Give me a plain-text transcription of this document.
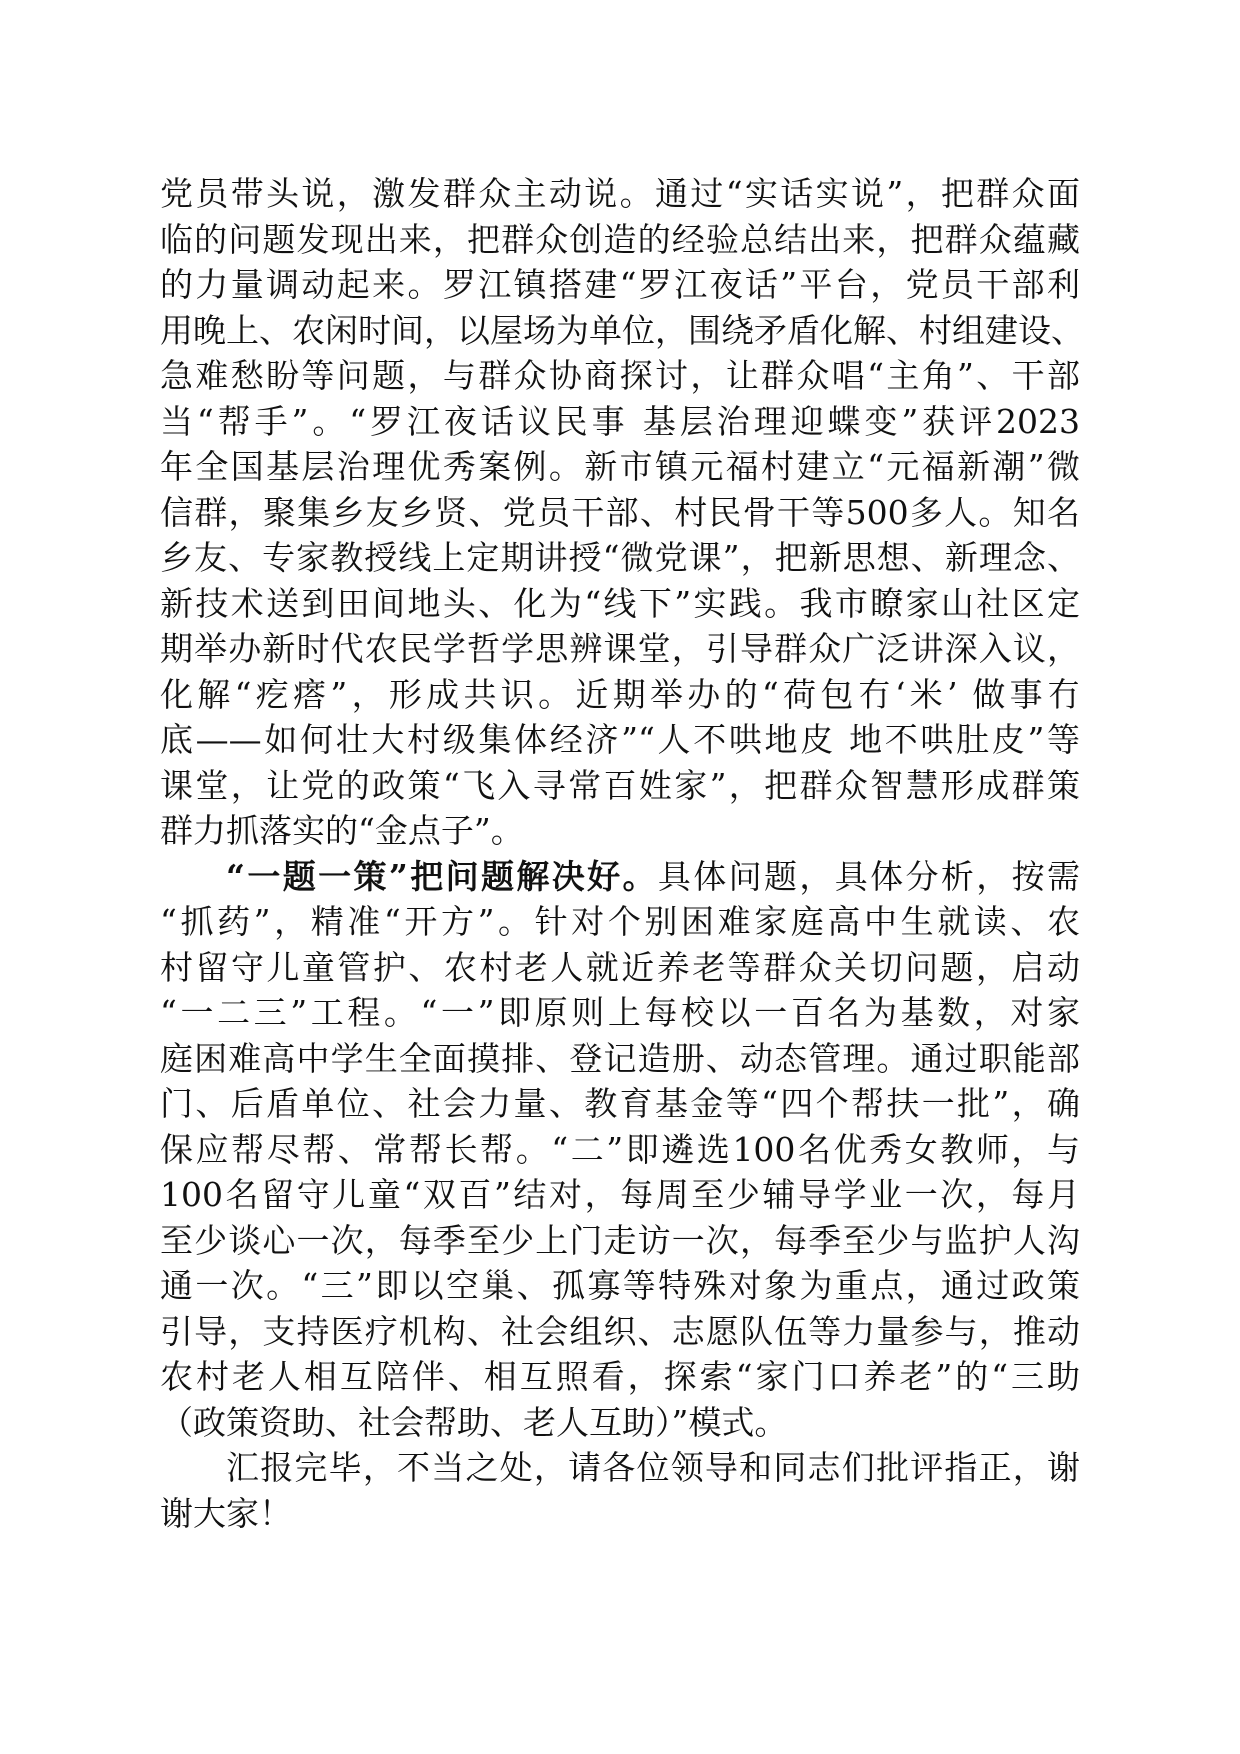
党员带头说，激发群众主动说。通过“实话实说”，把群众面
临的问题发现出来，把群众创造的经验总结出来，把群众蕴藏
的力量调动起来。罗江镇搭建“罗江夜话”平台，党员干部利
用晚上、农闲时间，以屋场为单位，围绕矛盾化解、村组建设、
急难愁盼等问题，与群众协商探讨，让群众唱“主角”、干部
当“帮手”。“罗江夜话议民事 基层治理迎蝶变”获评2023
年全国基层治理优秀案例。新市镇元福村建立“元福新潮”微
信群，聚集乡友乡贤、党员干部、村民骨干等500多人。知名
乡友、专家教授线上定期讲授“微党课”，把新思想、新理念、
新技术送到田间地头、化为“线下”实践。我市瞭家山社区定
期举办新时代农民学哲学思辨课堂，引导群众广泛讲深入议，
化解“疙瘩”，形成共识。近期举办的“荷包冇‘米’ 做事冇
底——如何壮大村级集体经济”“人不哄地皮 地不哄肚皮”等
课堂，让党的政策“飞入寻常百姓家”，把群众智慧形成群策
群力抓落实的“金点子”。
“一题一策”把问题解决好。具体问题，具体分析，按需
“抓药”，精准“开方”。针对个别困难家庭高中生就读、农
村留守儿童管护、农村老人就近养老等群众关切问题，启动
“一二三”工程。“一”即原则上每校以一百名为基数，对家
庭困难高中学生全面摸排、登记造册、动态管理。通过职能部
门、后盾单位、社会力量、教育基金等“四个帮扶一批”，确
保应帮尽帮、常帮长帮。“二”即遴选100名优秀女教师，与
100名留守儿童“双百”结对，每周至少辅导学业一次，每月
至少谈心一次，每季至少上门走访一次，每季至少与监护人沟
通一次。“三”即以空巢、孤寡等特殊对象为重点，通过政策
引导，支持医疗机构、社会组织、志愿队伍等力量参与，推动
农村老人相互陪伴、相互照看，探索“家门口养老”的“三助
（政策资助、社会帮助、老人互助）”模式。
汇报完毕，不当之处，请各位领导和同志们批评指正，谢
谢大家！
